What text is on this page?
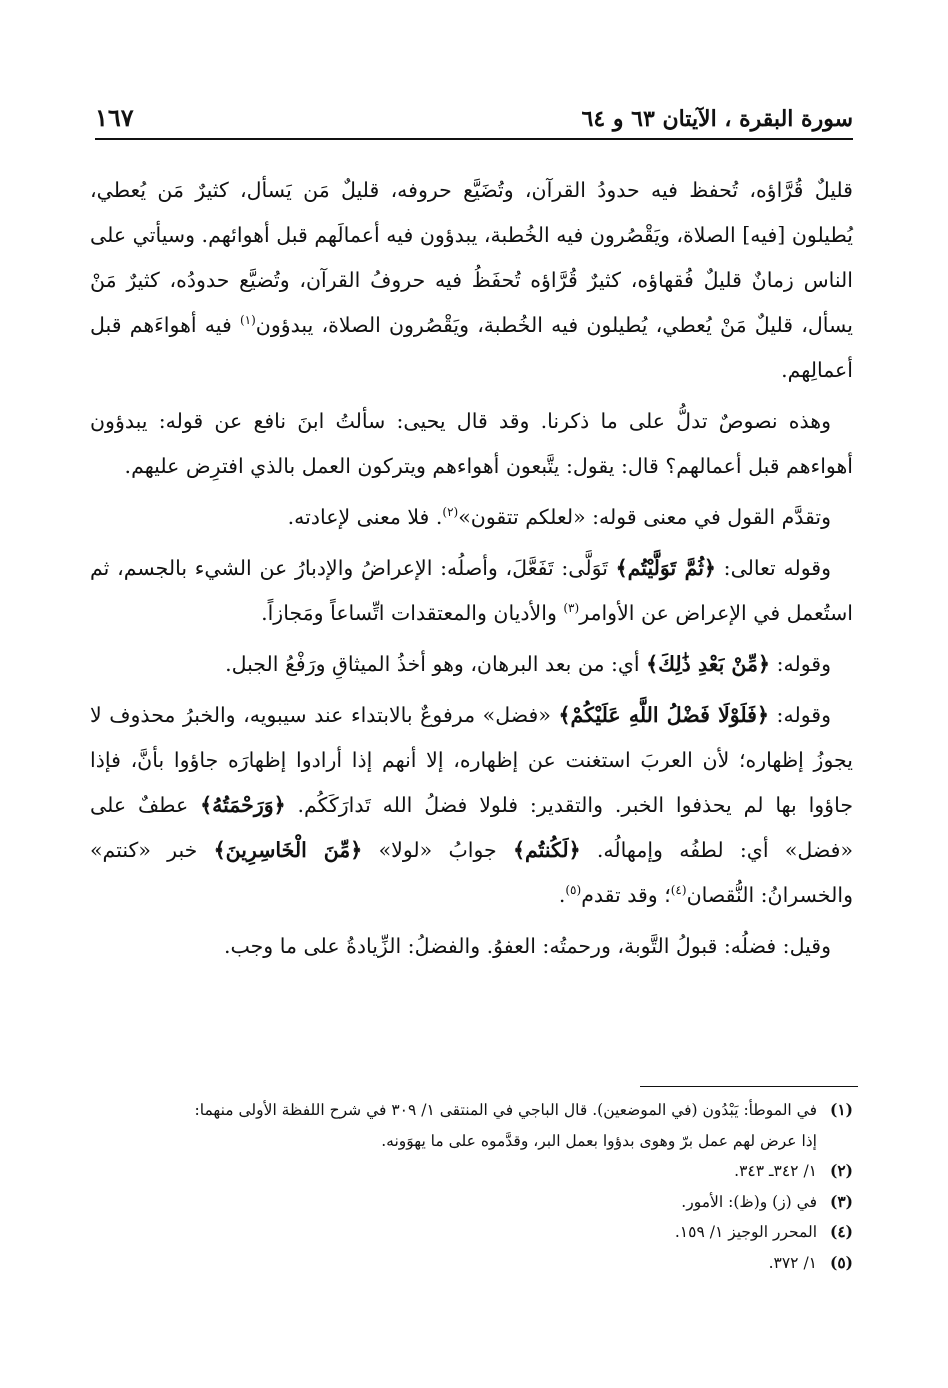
سورة البقرة ، الآيتان ٦٣ و ٦٤
١٦٧

قليلٌ قُرَّاؤه، تُحفظ فيه حدودُ القرآن، وتُضَيَّع حروفه، قليلٌ مَن يَسأل، كثيرٌ مَن يُعطي، يُطيلون [فيه] الصلاة، ويَقْصُرون فيه الخُطبة، يبدؤون فيه أعمالَهم قبل أهوائهم. وسيأتي على الناس زمانٌ قليلٌ فُقهاؤه، كثيرٌ قُرَّاؤه تُحفَظُ فيه حروفُ القرآن، وتُضيَّع حدودُه، كثيرٌ مَنْ يسأل، قليلٌ مَنْ يُعطي، يُطيلون فيه الخُطبة، ويَقْصُرون الصلاة، يبدؤون$^{(١)}$ فيه أهواءَهم قبل أعمالِهم.

وهذه نصوصٌ تدلُّ على ما ذكرنا. وقد قال يحيى: سألتُ ابنَ نافع عن قوله: يبدؤون أهواءهم قبل أعمالهم؟ قال: يقول: يتَّبعون أهواءهم ويتركون العمل بالذي افترِض عليهم.

وتقدَّم القول في معنى قوله: «لعلكم تتقون»$^{(٢)}$. فلا معنى لإعادته.

وقوله تعالى: ﴿ثُمَّ تَوَلَّيْتُم﴾ تَوَلَّى: تَفَعَّلَ، وأصلُه: الإعراضُ والإدبارُ عن الشيء بالجسم، ثم استُعمل في الإعراض عن الأوامر$^{(٣)}$ والأديان والمعتقدات اتِّساعاً ومَجازاً.

وقوله: ﴿مِّنْ بَعْدِ ذَٰلِكَ﴾ أي: من بعد البرهان، وهو أخذُ الميثاقِ ورَفْعُ الجبل.

وقوله: ﴿فَلَوْلَا فَضْلُ اللَّهِ عَلَيْكُمْ﴾ «فضل» مرفوعٌ بالابتداء عند سيبويه، والخبرُ محذوف لا يجوزُ إظهاره؛ لأن العربَ استغنت عن إظهاره، إلا أنهم إذا أرادوا إظهارَه جاؤوا بأنَّ، فإذا جاؤوا بها لم يحذفوا الخبر. والتقدير: فلولا فضلُ الله تَدارَكَكُم. ﴿وَرَحْمَتُهُ﴾ عطفٌ على «فضل» أي: لطفُه وإمهالُه. ﴿لَكُنتُم﴾ جوابُ «لولا» ﴿مِّنَ الْخَاسِرِينَ﴾ خبر «كنتم» والخسرانُ: النُّقصان$^{(٤)}$؛ وقد تقدم$^{(٥)}$.

وقيل: فضلُه: قبولُ التَّوبة، ورحمتُه: العفوُ. والفضلُ: الزِّيادةُ على ما وجب.

(١)
في الموطأ: يَبْدُون (في الموضعين). قال الباجي في المنتقى ١/ ٣٠٩ في شرح اللفظة الأولى منهما:
إذا عرض لهم عمل برّ وهوى بدؤوا بعمل البر، وقدَّموه على ما يهوَونه.
(٢)
١/ ٣٤٢ـ ٣٤٣.
(٣)
في (ز) و(ظ): الأمور.
(٤)
المحرر الوجيز ١/ ١٥٩.
(٥)
١/ ٣٧٢.
